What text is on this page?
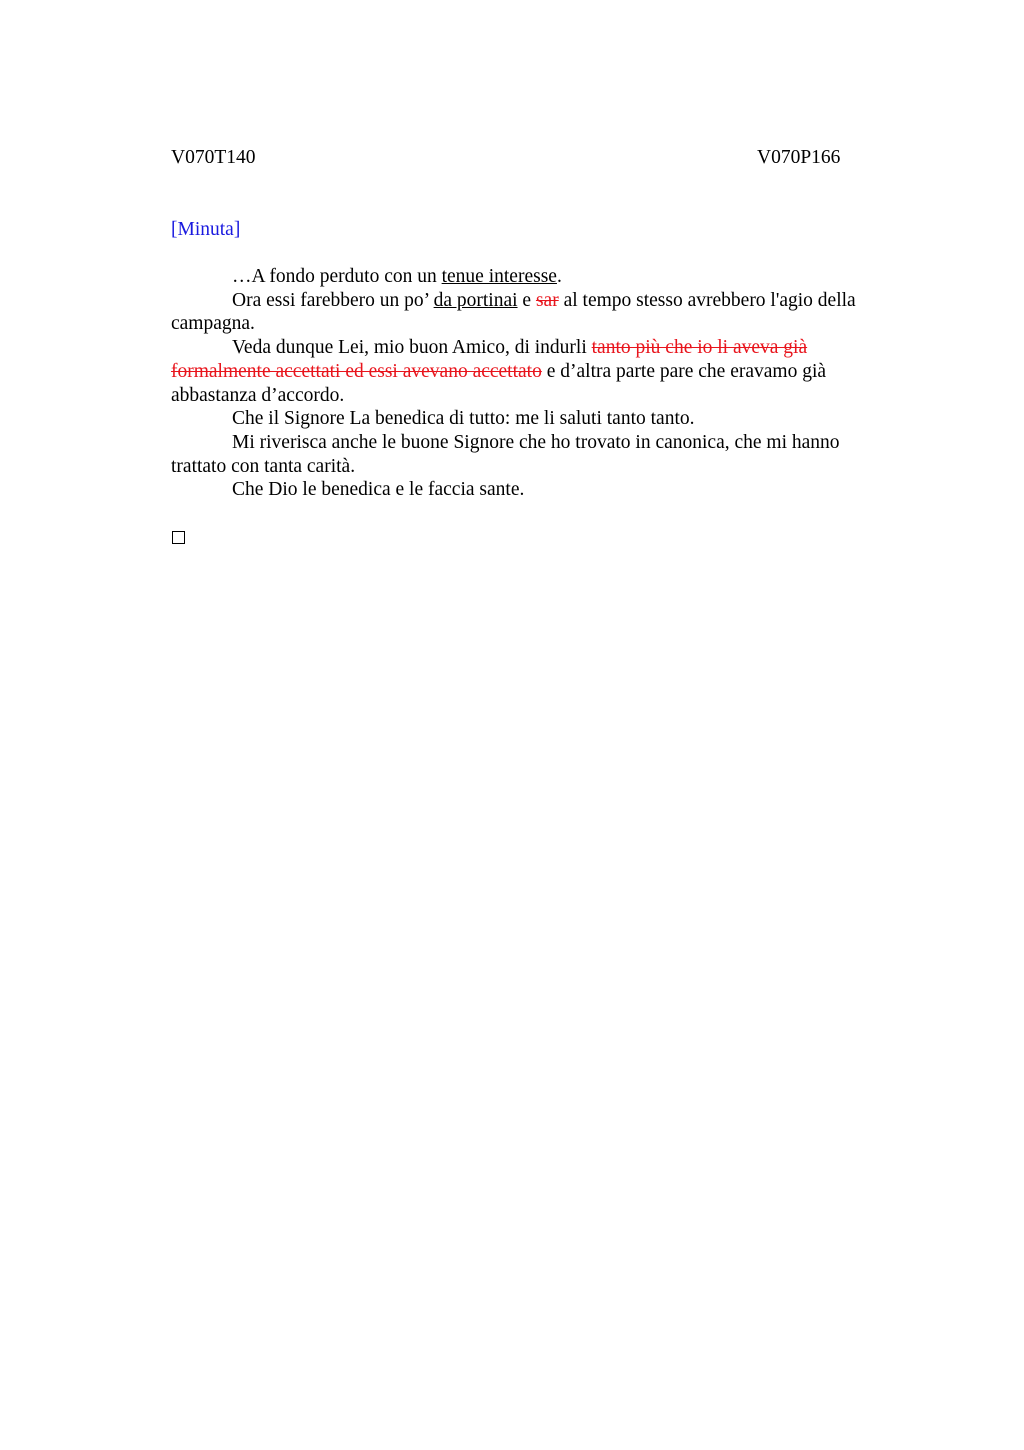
V070T140	V070P166
[Minuta]

…A fondo perduto con un tenue interesse.

Ora essi farebbero un po’ da portinai e sar al tempo stesso avrebbero l'agio della campagna.

Veda dunque Lei, mio buon Amico, di indurli tanto più che io li aveva già formalmente accettati ed essi avevano accettato e d’altra parte pare che eravamo già abbastanza d’accordo.

Che il Signore La benedica di tutto: me li saluti tanto tanto.

Mi riverisca anche le buone Signore che ho trovato in canonica, che mi hanno trattato con tanta carità.

Che Dio le benedica e le faccia sante.
